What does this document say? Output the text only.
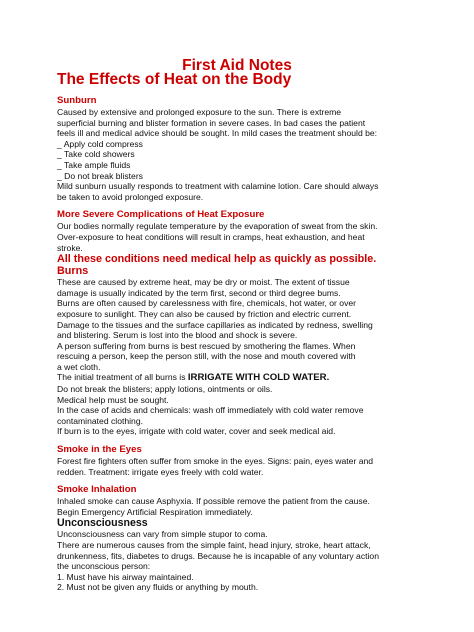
First Aid Notes
The Effects of Heat on the Body
Sunburn
Caused by extensive and prolonged exposure to the sun. There is extreme
superficial burning and blister formation in severe cases. In bad cases the patient
feels ill and medical advice should be sought. In mild cases the treatment should be:
_ Apply cold compress
_ Take cold showers
_ Take ample fluids
_ Do not break blisters
Mild sunburn usually responds to treatment with calamine lotion. Care should always
be taken to avoid prolonged exposure.
More Severe Complications of Heat Exposure
Our bodies normally regulate temperature by the evaporation of sweat from the skin.
Over-exposure to heat conditions will result in cramps, heat exhaustion, and heat
stroke.
All these conditions need medical help as quickly as possible.
Burns
These are caused by extreme heat, may be dry or moist. The extent of tissue
damage is usually indicated by the term first, second or third degree bums.
Burns are often caused by carelessness with fire, chemicals, hot water, or over
exposure to sunlight. They can also be caused by friction and electric current.
Damage to the tissues and the surface capillaries as indicated by redness, swelling
and blistering. Serum is lost into the blood and shock is severe.
A person suffering from burns is best rescued by smothering the flames. When
rescuing a person, keep the person still, with the nose and mouth covered with
a wet cloth.
The initial treatment of all burns is IRRIGATE WITH COLD WATER.
Do not break the blisters; apply lotions, ointments or oils.
Medical help must be sought.
In the case of acids and chemicals: wash off immediately with cold water remove
contaminated clothing.
If burn is to the eyes, irrigate with cold water, cover and seek medical aid.
Smoke in the Eyes
Forest fire fighters often suffer from smoke in the eyes. Signs: pain, eyes water and
redden. Treatment: irrigate eyes freely with cold water.
Smoke Inhalation
Inhaled smoke can cause Asphyxia. If possible remove the patient from the cause.
Begin Emergency Artificial Respiration immediately.
Unconsciousness
Unconsciousness can vary from simple stupor to coma.
There are numerous causes from the simple faint, head injury, stroke, heart attack,
drunkenness, fits, diabetes to drugs. Because he is incapable of any voluntary action
the unconscious person:
1. Must have his airway maintained.
2. Must not be given any fluids or anything by mouth.
